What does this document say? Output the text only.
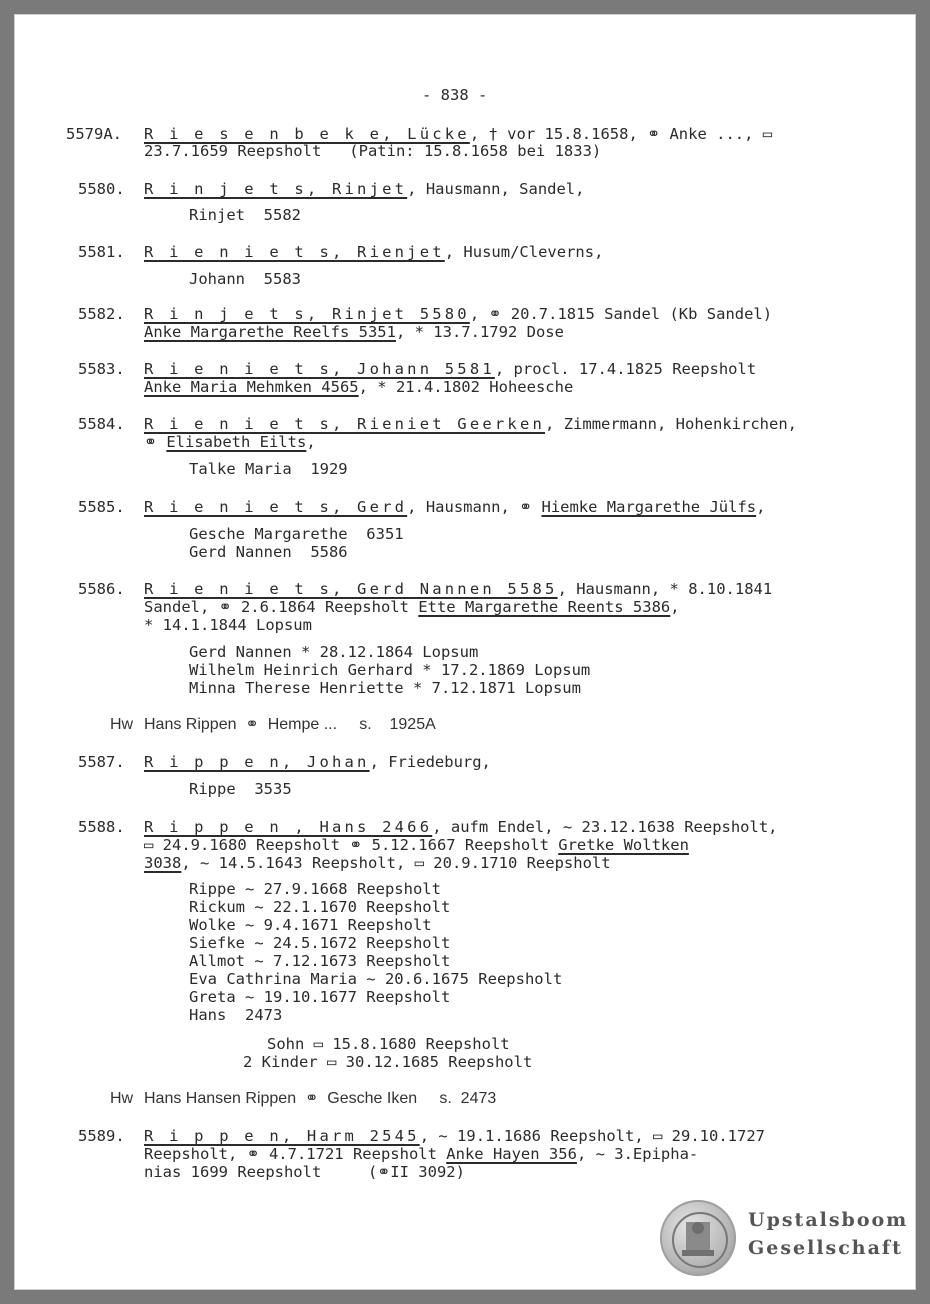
- 838 -
5579A. R i e s e n b e k e, Lücke, † vor 15.8.1658, ⚭ Anke ..., ▭
23.7.1659 Reepsholt   (Patin: 15.8.1658 bei 1833)
5580. R i n j e t s, Rinjet, Hausmann, Sandel,
Rinjet  5582
5581. R i e n i e t s, Rienjet, Husum/Cleverns,
Johann  5583
5582. R i n j e t s, Rinjet 5580, ⚭ 20.7.1815 Sandel (Kb Sandel)
Anke Margarethe Reelfs 5351, * 13.7.1792 Dose
5583. R i e n i e t s, Johann 5581, procl. 17.4.1825 Reepsholt
Anke Maria Mehmken 4565, * 21.4.1802 Hoheesche
5584. R i e n i e t s, Rieniet Geerken, Zimmermann, Hohenkirchen,
⚭ Elisabeth Eilts,
Talke Maria  1929
5585. R i e n i e t s, Gerd, Hausmann, ⚭ Hiemke Margarethe Jülfs,
Gesche Margarethe  6351
Gerd Nannen  5586
5586. R i e n i e t s, Gerd Nannen 5585, Hausmann, * 8.10.1841
Sandel, ⚭ 2.6.1864 Reepsholt Ette Margarethe Reents 5386,
* 14.1.1844 Lopsum
Gerd Nannen * 28.12.1864 Lopsum
Wilhelm Heinrich Gerhard * 17.2.1869 Lopsum
Minna Therese Henriette * 7.12.1871 Lopsum
Hw Hans Rippen  ⚭  Hempe ...     s.    1925A
5587. R i p p e n, Johan, Friedeburg,
Rippe  3535
5588. R i p p e n , Hans 2466, aufm Endel, ~ 23.12.1638 Reepsholt,
▭ 24.9.1680 Reepsholt ⚭ 5.12.1667 Reepsholt Gretke Woltken
3038, ~ 14.5.1643 Reepsholt, ▭ 20.9.1710 Reepsholt
Rippe ~ 27.9.1668 Reepsholt
Rickum ~ 22.1.1670 Reepsholt
Wolke ~ 9.4.1671 Reepsholt
Siefke ~ 24.5.1672 Reepsholt
Allmot ~ 7.12.1673 Reepsholt
Eva Cathrina Maria ~ 20.6.1675 Reepsholt
Greta ~ 19.10.1677 Reepsholt
Hans  2473
Sohn ▭ 15.8.1680 Reepsholt
2 Kinder ▭ 30.12.1685 Reepsholt
Hw Hans Hansen Rippen  ⚭  Gesche Iken     s.  2473
5589. R i p p e n, Harm 2545, ~ 19.1.1686 Reepsholt, ▭ 29.10.1727
Reepsholt, ⚭ 4.7.1721 Reepsholt Anke Hayen 356, ~ 3.Epipha-
nias 1699 Reepsholt     (⚭II 3092)
Upstalsboom
Gesellschaft
